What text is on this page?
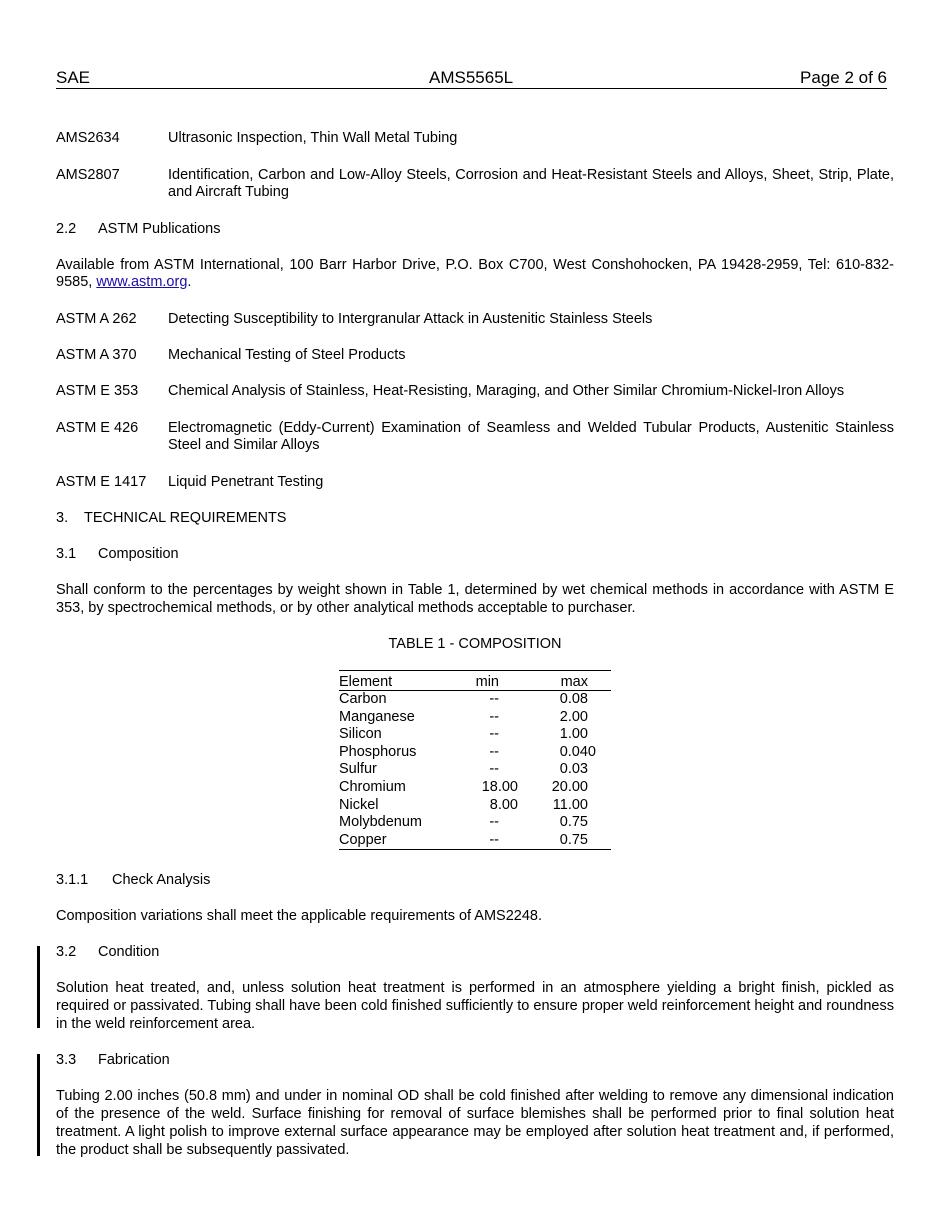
SAE	AMS5565L	Page 2 of 6
AMS2634	Ultrasonic Inspection, Thin Wall Metal Tubing
AMS2807	Identification, Carbon and Low-Alloy Steels, Corrosion and Heat-Resistant Steels and Alloys, Sheet, Strip, Plate, and Aircraft Tubing
2.2 ASTM Publications
Available from ASTM International, 100 Barr Harbor Drive, P.O. Box C700, West Conshohocken, PA 19428-2959, Tel: 610-832-9585, www.astm.org.
ASTM A 262 Detecting Susceptibility to Intergranular Attack in Austenitic Stainless Steels
ASTM A 370 Mechanical Testing of Steel Products
ASTM E 353 Chemical Analysis of Stainless, Heat-Resisting, Maraging, and Other Similar Chromium-Nickel-Iron Alloys
ASTM E 426 Electromagnetic (Eddy-Current) Examination of Seamless and Welded Tubular Products, Austenitic Stainless Steel and Similar Alloys
ASTM E 1417 Liquid Penetrant Testing
3. TECHNICAL REQUIREMENTS
3.1 Composition
Shall conform to the percentages by weight shown in Table 1, determined by wet chemical methods in accordance with ASTM E 353, by spectrochemical methods, or by other analytical methods acceptable to purchaser.
TABLE 1 - COMPOSITION
Element	min	max
Carbon	--	0.08
Manganese	--	2.00
Silicon	--	1.00
Phosphorus	--	0.040
Sulfur	--	0.03
Chromium	18.00 20.00
Nickel	8.00 11.00
Molybdenum	--	0.75
Copper	--	0.75
3.1.1 Check Analysis
Composition variations shall meet the applicable requirements of AMS2248.
3.2 Condition
Solution heat treated, and, unless solution heat treatment is performed in an atmosphere yielding a bright finish, pickled as required or passivated. Tubing shall have been cold finished sufficiently to ensure proper weld reinforcement height and roundness in the weld reinforcement area.
3.3 Fabrication
Tubing 2.00 inches (50.8 mm) and under in nominal OD shall be cold finished after welding to remove any dimensional indication of the presence of the weld. Surface finishing for removal of surface blemishes shall be performed prior to final solution heat treatment. A light polish to improve external surface appearance may be employed after solution heat treatment and, if performed, the product shall be subsequently passivated.
